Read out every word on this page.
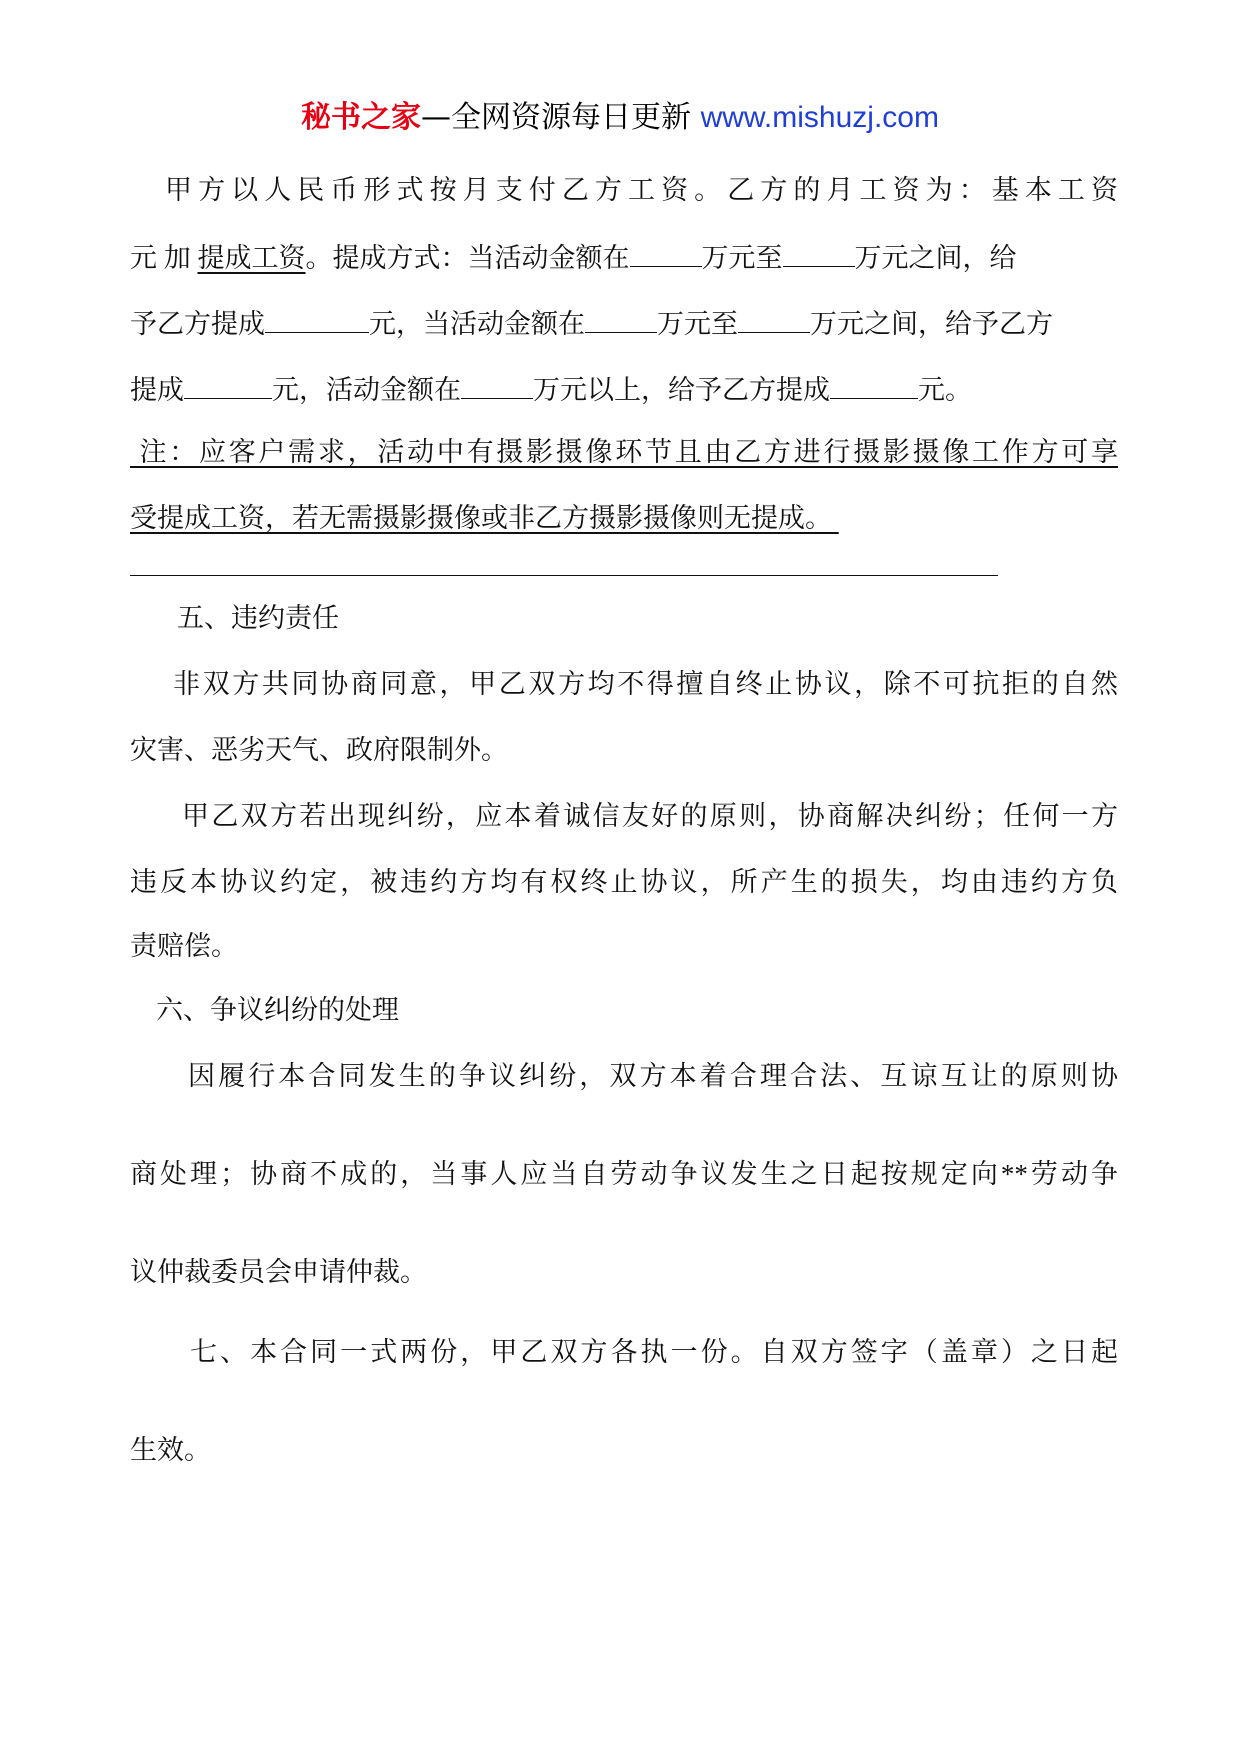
秘书之家—全网资源每日更新 www.mishuzj.com

甲方以人民币形式按月支付乙方工资。乙方的月工资为：基本工资

元 加 提成工资。提成方式：当活动金额在	万元至	万元之间，给

予乙方提成	元，当活动金额在	万元至	万元之间，给予乙方

提成	元，活动金额在	万元以上，给予乙方提成	元。

注：应客户需求，活动中有摄影摄像环节且由乙方进行摄影摄像工作方可享

受提成工资，若无需摄影摄像或非乙方摄影摄像则无提成。

五、违约责任

非双方共同协商同意，甲乙双方均不得擅自终止协议，除不可抗拒的自然

灾害、恶劣天气、政府限制外。

甲乙双方若出现纠纷，应本着诚信友好的原则，协商解决纠纷；任何一方

违反本协议约定，被违约方均有权终止协议，所产生的损失，均由违约方负

责赔偿。

六、争议纠纷的处理

因履行本合同发生的争议纠纷，双方本着合理合法、互谅互让的原则协

商处理；协商不成的，当事人应当自劳动争议发生之日起按规定向**劳动争

议仲裁委员会申请仲裁。

七、本合同一式两份，甲乙双方各执一份。自双方签字（盖章）之日起

生效。
